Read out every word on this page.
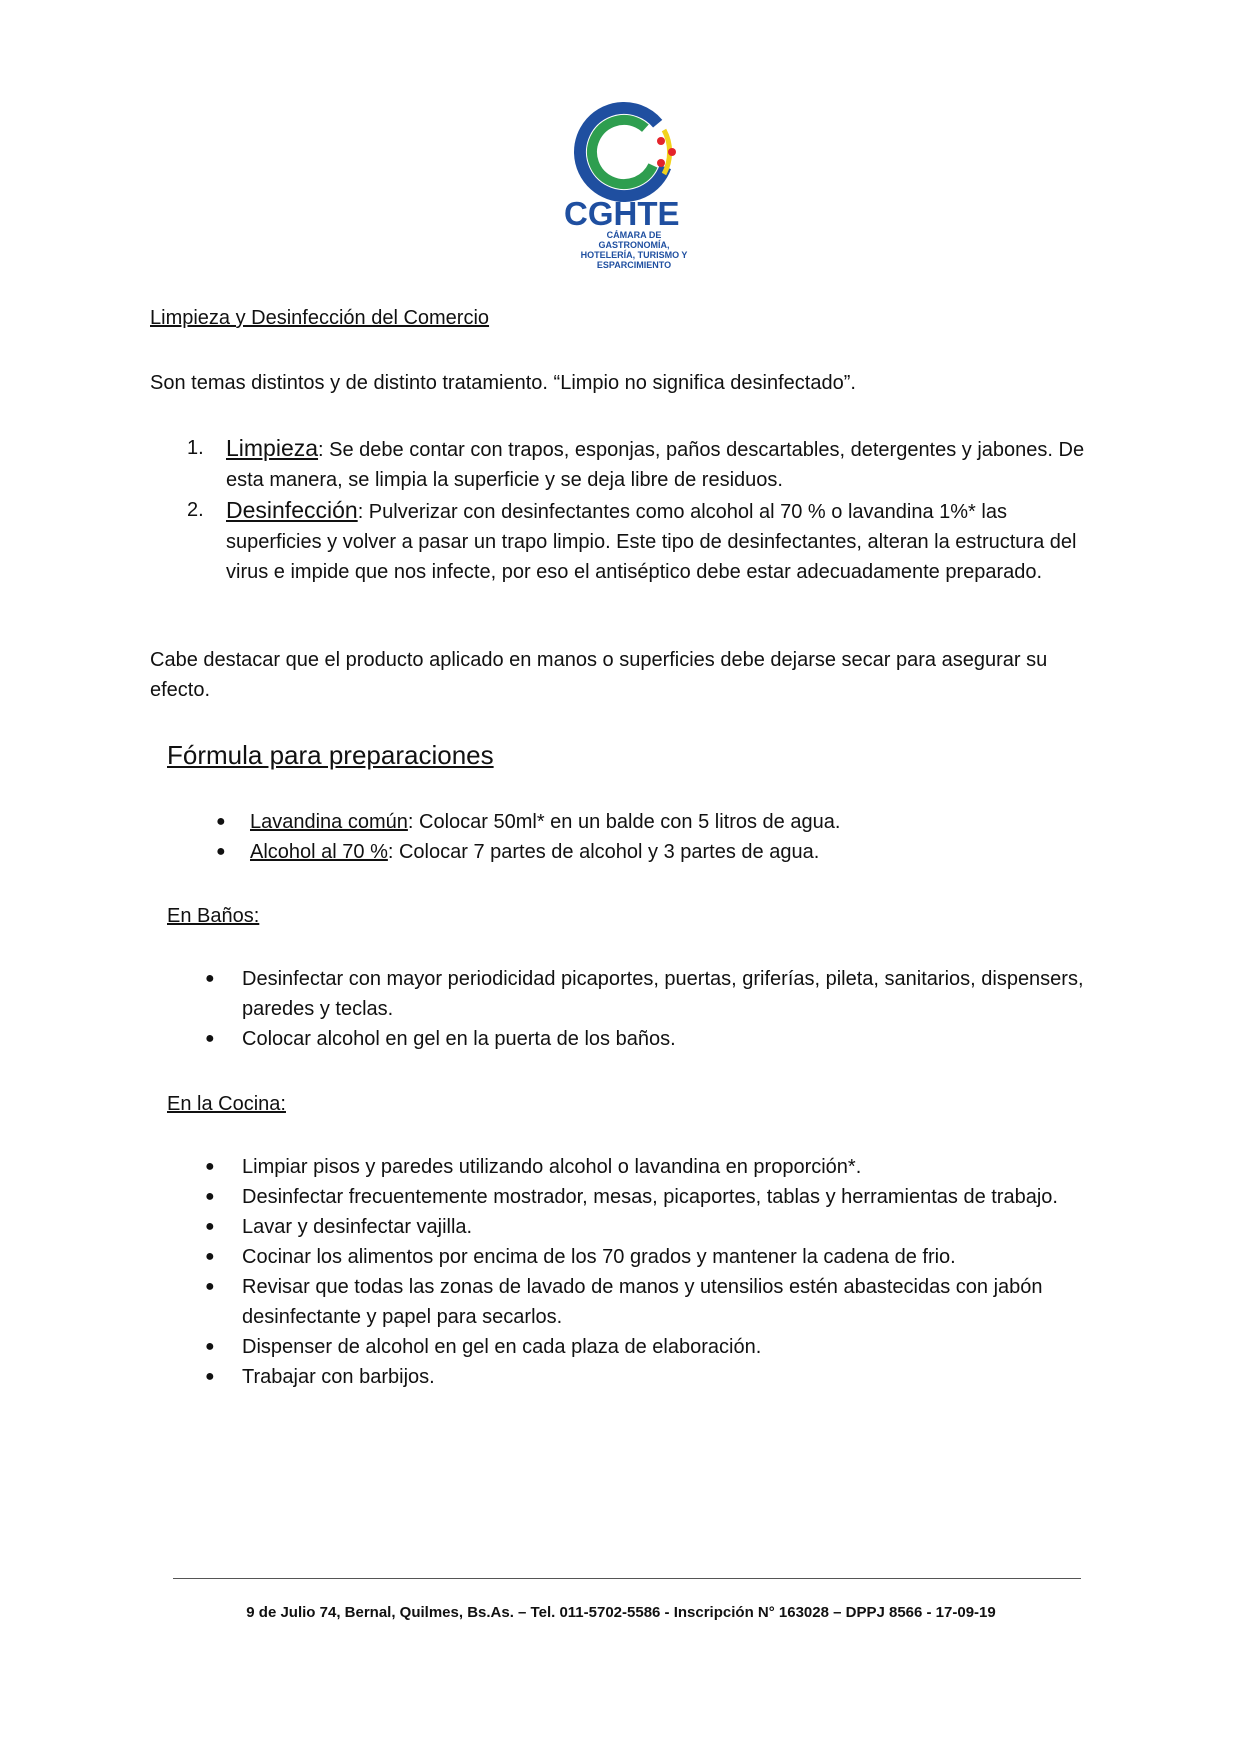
CGHTE
CÁMARA DE GASTRONOMÍA, HOTELERÍA, TURISMO Y ESPARCIMIENTO
Limpieza y Desinfección del Comercio
Son temas distintos y de distinto tratamiento. “Limpio no significa desinfectado”.
1. Limpieza: Se debe contar con trapos, esponjas, paños descartables, detergentes y jabones. De esta manera, se limpia la superficie y se deja libre de residuos.
2. Desinfección: Pulverizar con desinfectantes como alcohol al 70 % o lavandina 1%* las superficies y volver a pasar un trapo limpio. Este tipo de desinfectantes, alteran la estructura del virus e impide que nos infecte, por eso el antiséptico debe estar adecuadamente preparado.
Cabe destacar que el producto aplicado en manos o superficies debe dejarse secar para asegurar su efecto.
Fórmula para preparaciones
● Lavandina común: Colocar 50ml* en un balde con 5 litros de agua.
● Alcohol al 70 %: Colocar 7 partes de alcohol y 3 partes de agua.
En Baños:
● Desinfectar con mayor periodicidad picaportes, puertas, griferías, pileta, sanitarios, dispensers, paredes y teclas.
● Colocar alcohol en gel en la puerta de los baños.
En la Cocina:
● Limpiar pisos y paredes utilizando alcohol o lavandina en proporción*.
● Desinfectar frecuentemente mostrador, mesas, picaportes, tablas y herramientas de trabajo.
● Lavar y desinfectar vajilla.
● Cocinar los alimentos por encima de los 70 grados y mantener la cadena de frio.
● Revisar que todas las zonas de lavado de manos y utensilios estén abastecidas con jabón desinfectante y papel para secarlos.
● Dispenser de alcohol en gel en cada plaza de elaboración.
● Trabajar con barbijos.
9 de Julio 74, Bernal, Quilmes, Bs.As. – Tel. 011-5702-5586 - Inscripción N° 163028 – DPPJ 8566 - 17-09-19
